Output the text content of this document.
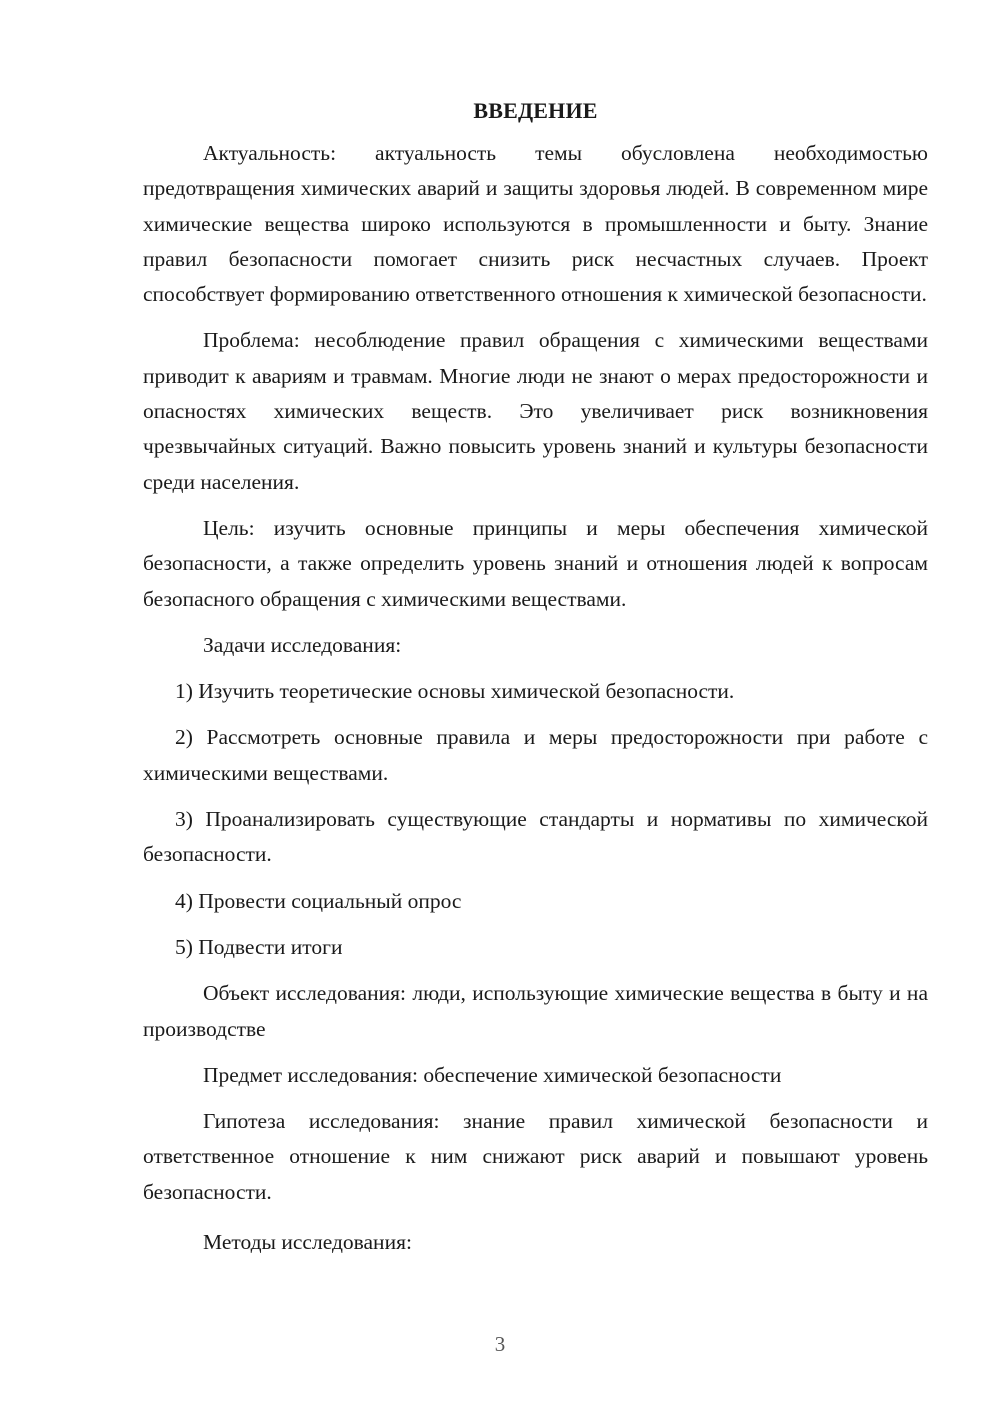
ВВЕДЕНИЕ

Актуальность: актуальность темы обусловлена необходимостью предотвращения химических аварий и защиты здоровья людей. В современном мире химические вещества широко используются в промышленности и быту. Знание правил безопасности помогает снизить риск несчастных случаев. Проект способствует формированию ответственного отношения к химической безопасности.

Проблема: несоблюдение правил обращения с химическими веществами приводит к авариям и травмам. Многие люди не знают о мерах предосторожности и опасностях химических веществ. Это увеличивает риск возникновения чрезвычайных ситуаций. Важно повысить уровень знаний и культуры безопасности среди населения.

Цель: изучить основные принципы и меры обеспечения химической безопасности, а также определить уровень знаний и отношения людей к вопросам безопасного обращения с химическими веществами.

Задачи исследования:

1) Изучить теоретические основы химической безопасности.

2) Рассмотреть основные правила и меры предосторожности при работе с химическими веществами.

3) Проанализировать существующие стандарты и нормативы по химической безопасности.

4) Провести социальный опрос

5) Подвести итоги

Объект исследования: люди, использующие химические вещества в быту и на производстве

Предмет исследования: обеспечение химической безопасности

Гипотеза исследования: знание правил химической безопасности и ответственное отношение к ним снижают риск аварий и повышают уровень безопасности.

Методы исследования:

3
